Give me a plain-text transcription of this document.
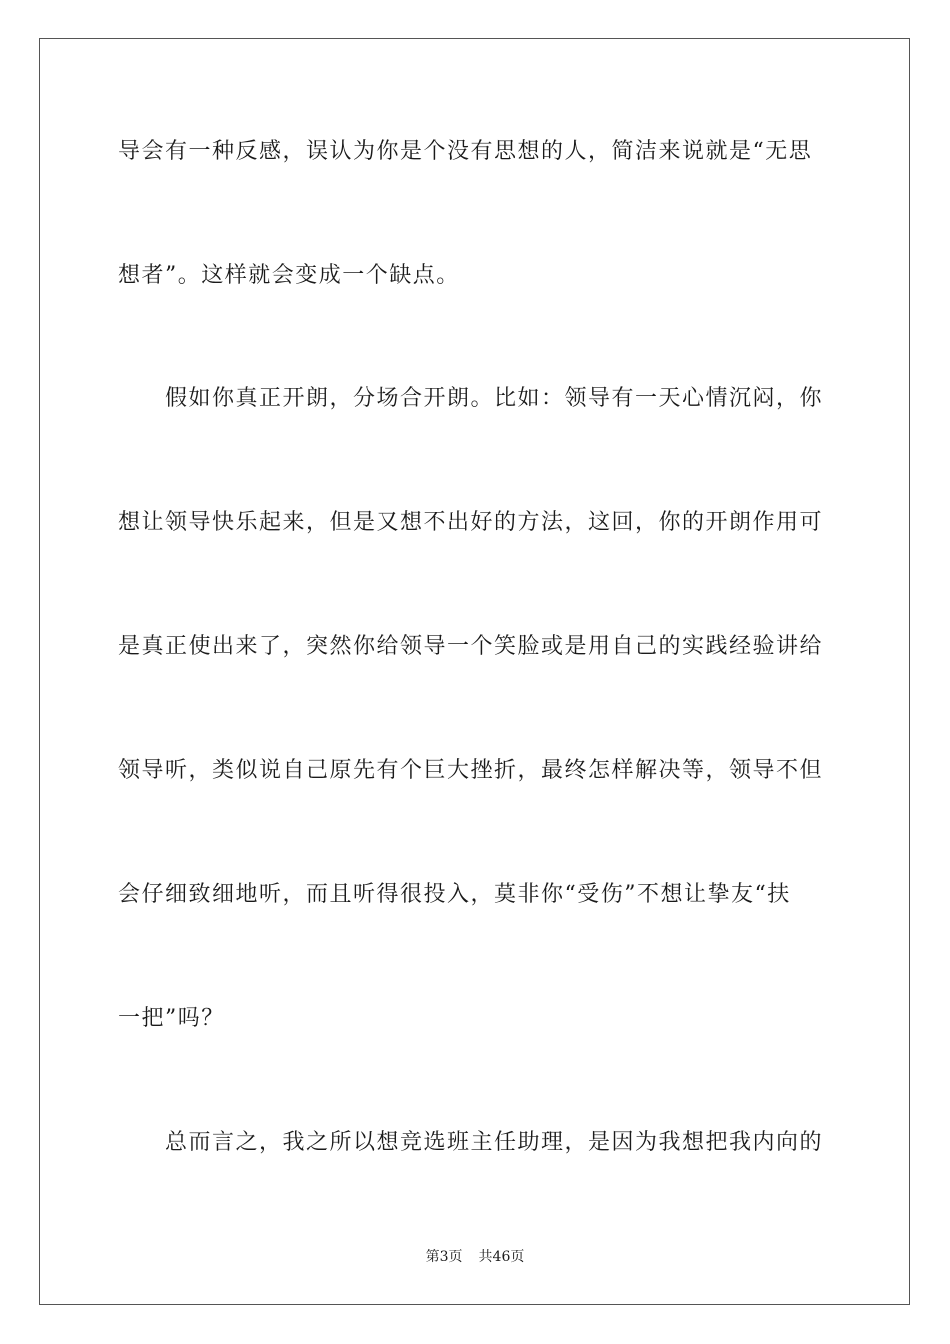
导会有一种反感，误认为你是个没有思想的人，简洁来说就是“无思
想者”。这样就会变成一个缺点。
假如你真正开朗，分场合开朗。比如：领导有一天心情沉闷，你
想让领导快乐起来，但是又想不出好的方法，这回，你的开朗作用可
是真正使出来了，突然你给领导一个笑脸或是用自己的实践经验讲给
领导听，类似说自己原先有个巨大挫折，最终怎样解决等，领导不但
会仔细致细地听，而且听得很投入，莫非你“受伤”不想让挚友“扶
一把”吗？
总而言之，我之所以想竞选班主任助理，是因为我想把我内向的
第3页 共46页
